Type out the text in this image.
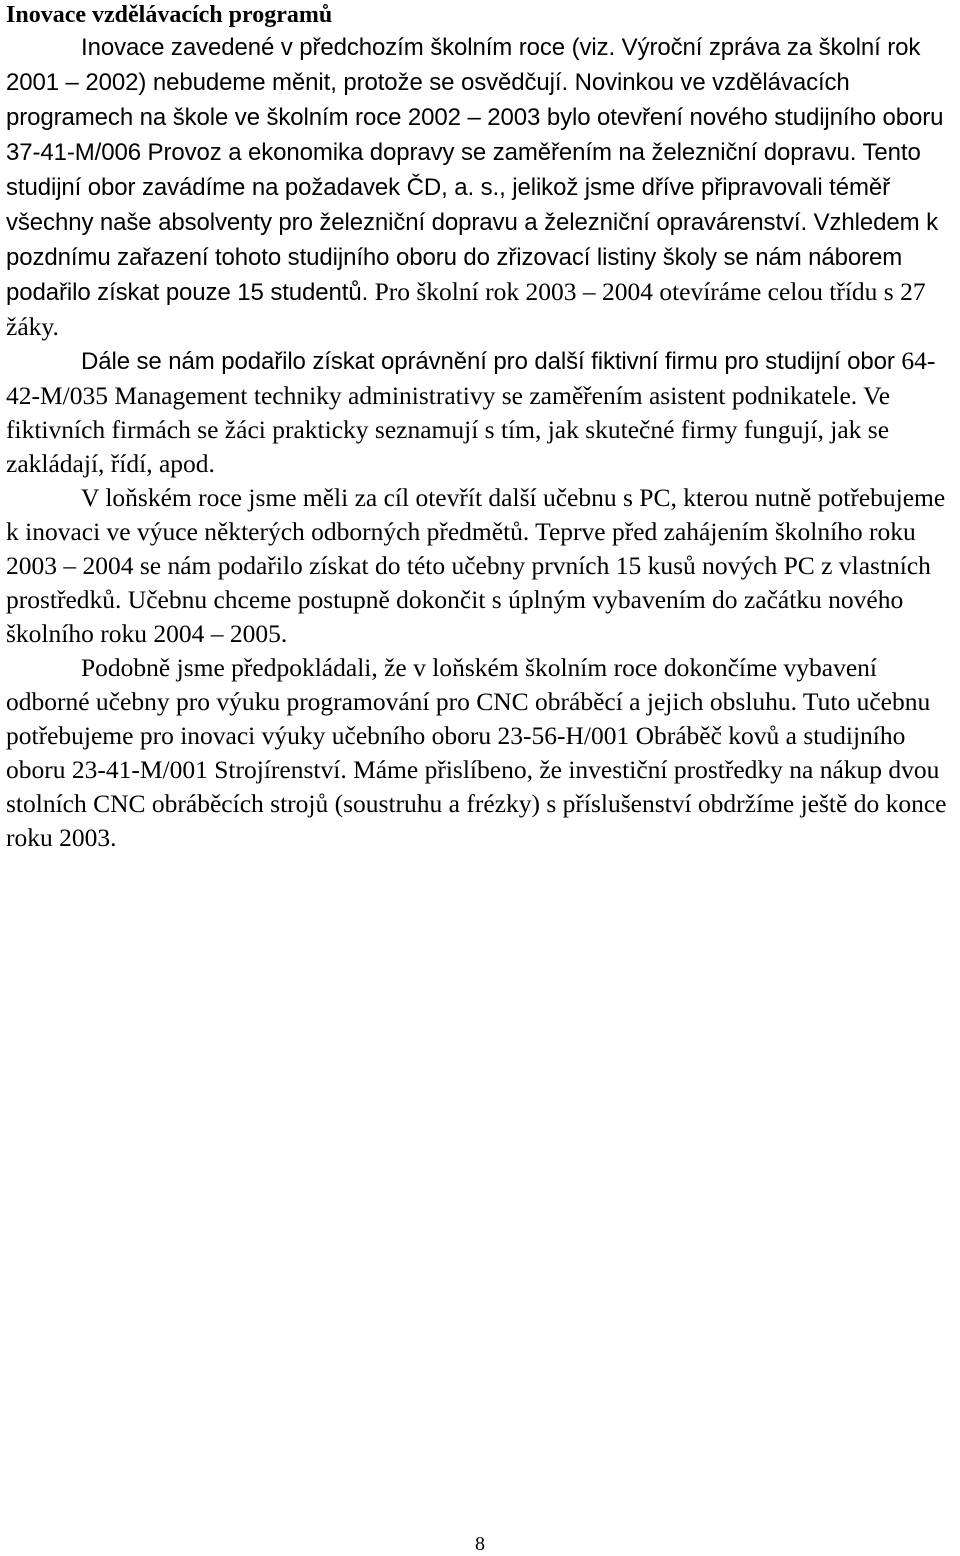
Inovace vzdělávacích programů

Inovace zavedené v předchozím školním roce (viz. Výroční zpráva za školní rok 2001 – 2002) nebudeme měnit, protože se osvědčují. Novinkou ve vzdělávacích programech na škole ve školním roce 2002 – 2003 bylo otevření nového studijního oboru 37-41-M/006 Provoz a ekonomika dopravy se zaměřením na železniční dopravu. Tento studijní obor zavádíme na požadavek ČD, a. s., jelikož jsme dříve připravovali téměř všechny naše absolventy pro železniční dopravu a železniční opravárenství. Vzhledem k pozdnímu zařazení tohoto studijního oboru do zřizovací listiny školy se nám náborem podařilo získat pouze 15 studentů. Pro školní rok 2003 – 2004 otevíráme celou třídu s 27 žáky.

Dále se nám podařilo získat oprávnění pro další fiktivní firmu pro studijní obor 64-42-M/035 Management techniky administrativy se zaměřením asistent podnikatele. Ve fiktivních firmách se žáci prakticky seznamují s tím, jak skutečné firmy fungují, jak se zakládají, řídí, apod.

V loňském roce jsme měli za cíl otevřít další učebnu s PC, kterou nutně potřebujeme k inovaci ve výuce některých odborných předmětů. Teprve před zahájením školního roku 2003 – 2004 se nám podařilo získat do této učebny prvních 15 kusů nových PC z vlastních prostředků. Učebnu chceme postupně dokončit s úplným vybavením do začátku nového školního roku 2004 – 2005.

Podobně jsme předpokládali, že v loňském školním roce dokončíme vybavení odborné učebny pro výuku programování pro CNC obráběcí a jejich obsluhu. Tuto učebnu potřebujeme pro inovaci výuky učebního oboru 23-56-H/001 Obráběč kovů a studijního oboru 23-41-M/001 Strojírenství. Máme přislíbeno, že investiční prostředky na nákup dvou stolních CNC obráběcích strojů (soustruhu a frézky) s příslušenství obdržíme ještě do konce roku 2003.

8
